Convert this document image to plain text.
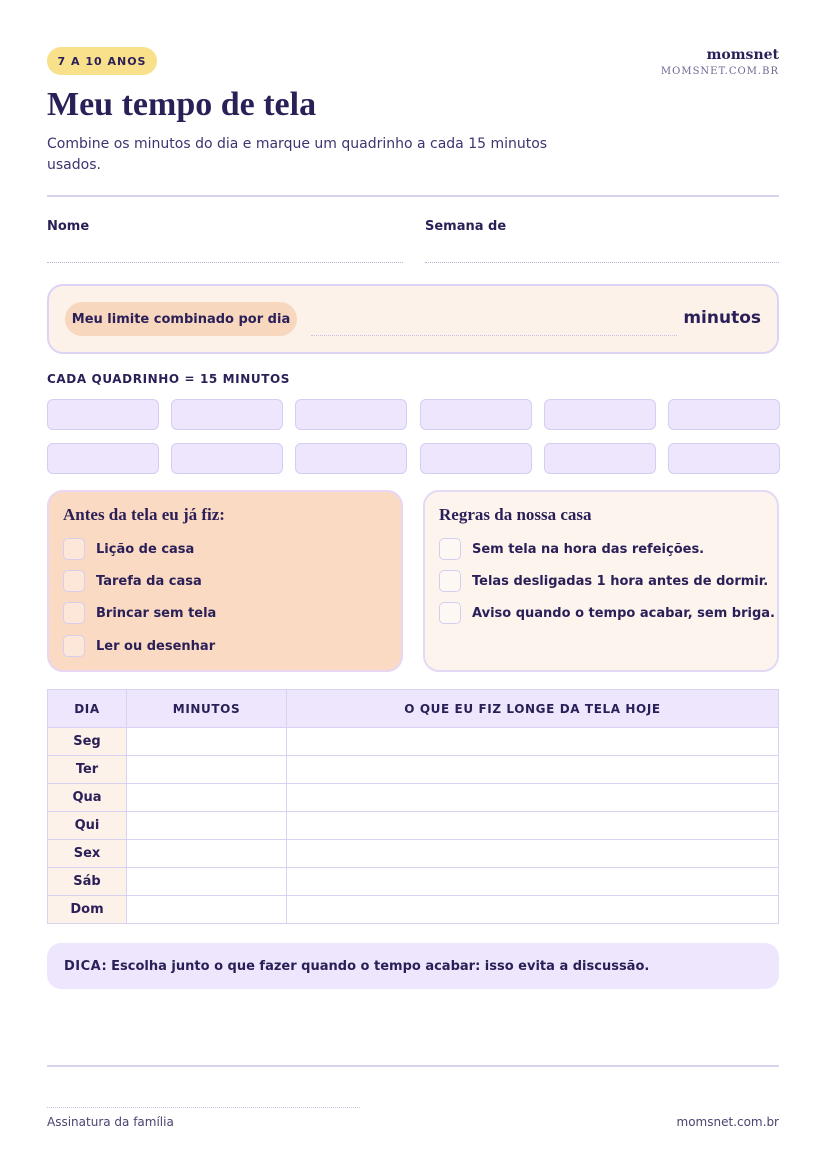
7 A 10 ANOS	momsnet
MOMSNET.COM.BR
Meu tempo de tela

Combine os minutos do dia e marque um quadrinho a cada 15 minutos usados.

Nome	Semana de
Meu limite combinado por dia	minutos
CADA QUADRINHO = 15 MINUTOS
Antes da tela eu já fiz:
Lição de casa
Tarefa da casa
Brincar sem tela
Ler ou desenhar
Regras da nossa casa
Sem tela na hora das refeições.
Telas desligadas 1 hora antes de dormir.
Aviso quando o tempo acabar, sem briga.
DIA	MINUTOS	O QUE EU FIZ LONGE DA TELA HOJE
Seg		
Ter		
Qua		
Qui		
Sex		
Sáb		
Dom		
DICA: Escolha junto o que fazer quando o tempo acabar: isso evita a discussão.
Assinatura da família	momsnet.com.br
